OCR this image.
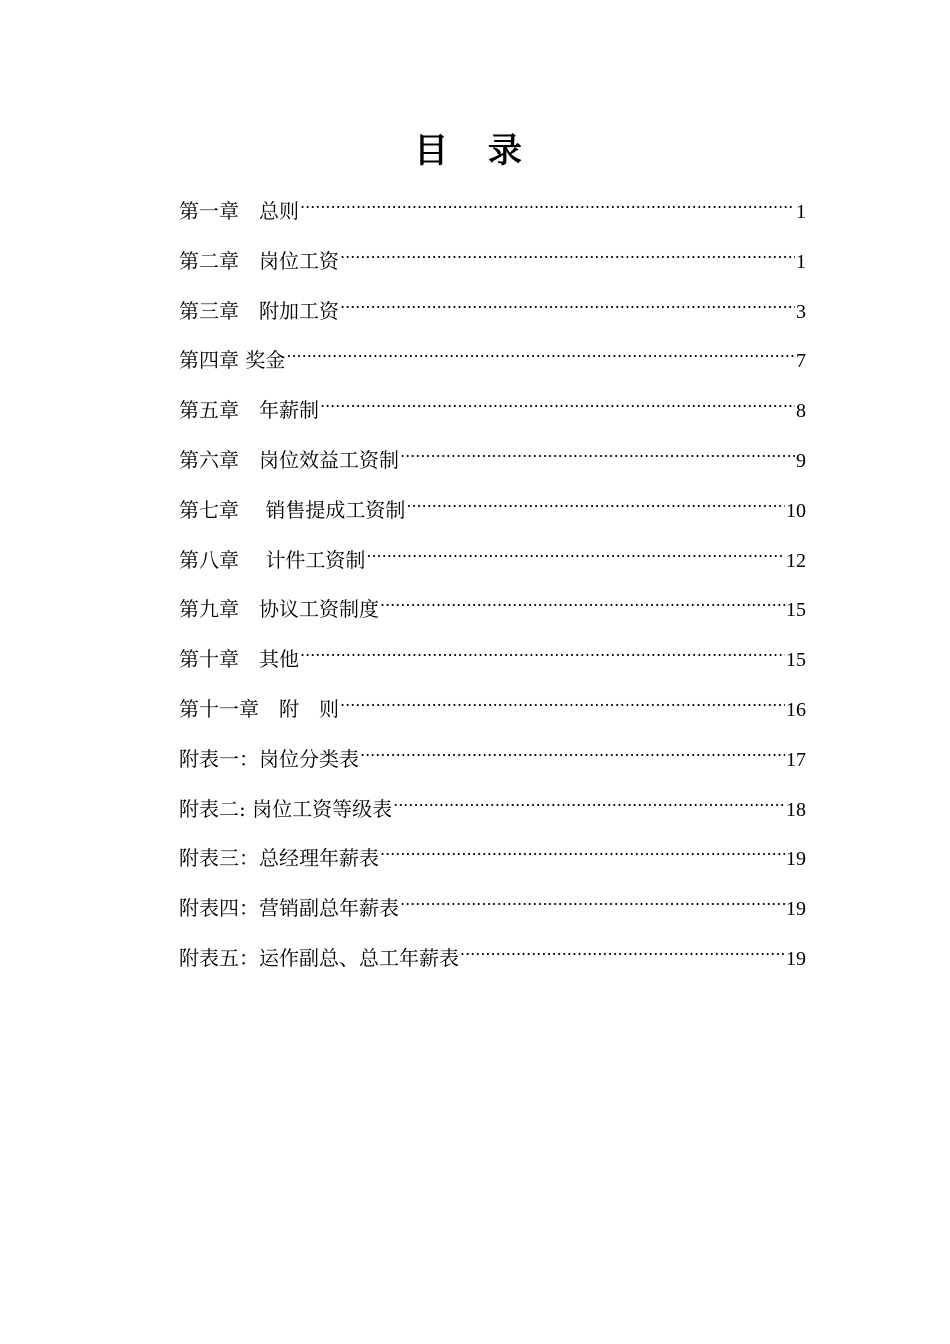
目 录
第一章　总则 .....	1
第二章　岗位工资 .....	1
第三章　附加工资 .....	3
第四章 奖金 .....	7
第五章　年薪制 .....	8
第六章　岗位效益工资制 .....	9
第七章　 销售提成工资制 .....	10
第八章　 计件工资制 .....	12
第九章　协议工资制度 .....	15
第十章　其他 .....	15
第十一章　附　则 .....	16
附表一：岗位分类表 .....	17
附表二: 岗位工资等级表 .....	18
附表三：总经理年薪表 .....	19
附表四：营销副总年薪表 .....	19
附表五：运作副总、总工年薪表 .....	19
